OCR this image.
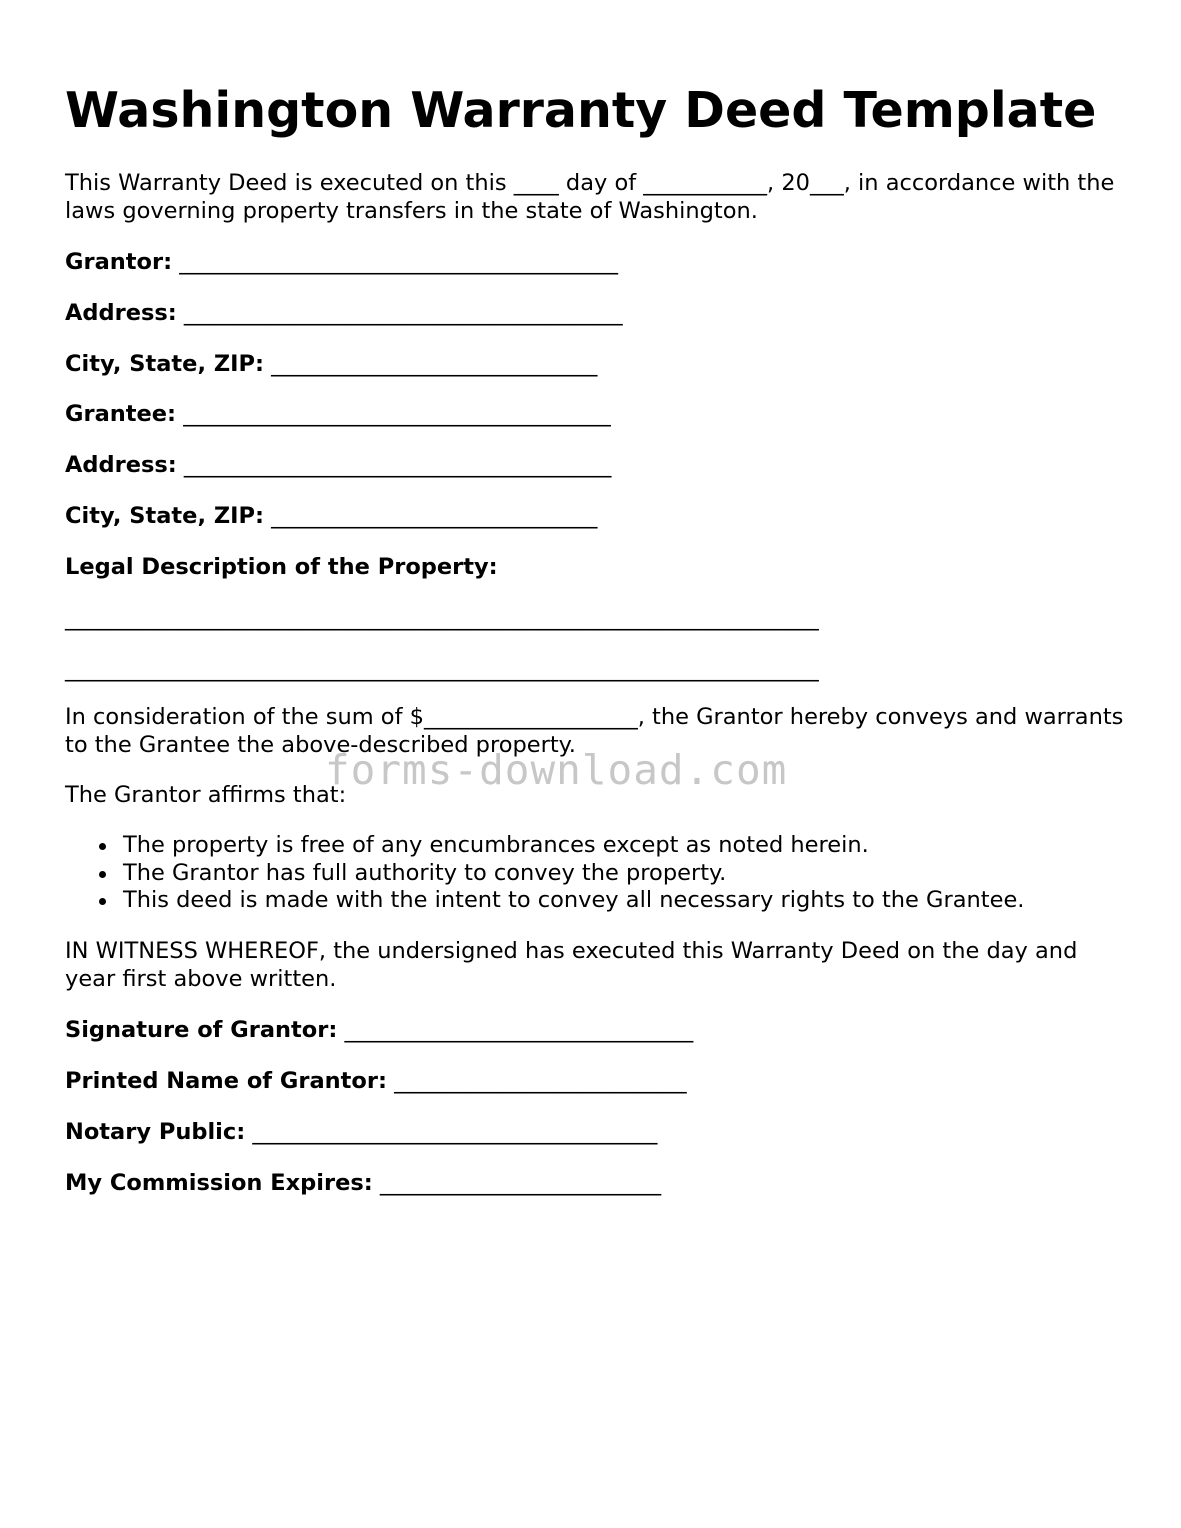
Washington Warranty Deed Template

This Warranty Deed is executed on this ____ day of ___________, 20___, in accordance with the laws governing property transfers in the state of Washington.

Grantor: _______________________________________
Address: _______________________________________
City, State, ZIP: _____________________________
Grantee: ______________________________________
Address: ______________________________________
City, State, ZIP: _____________________________
Legal Description of the Property:
___________________________________________________________________
___________________________________________________________________

In consideration of the sum of $___________________, the Grantor hereby conveys and warrants to the Grantee the above-described property.

The Grantor affirms that:

The property is free of any encumbrances except as noted herein.
The Grantor has full authority to convey the property.
This deed is made with the intent to convey all necessary rights to the Grantee.

IN WITNESS WHEREOF, the undersigned has executed this Warranty Deed on the day and year first above written.

Signature of Grantor: _______________________________
Printed Name of Grantor: __________________________
Notary Public: ____________________________________
My Commission Expires: _________________________
forms-download.com
